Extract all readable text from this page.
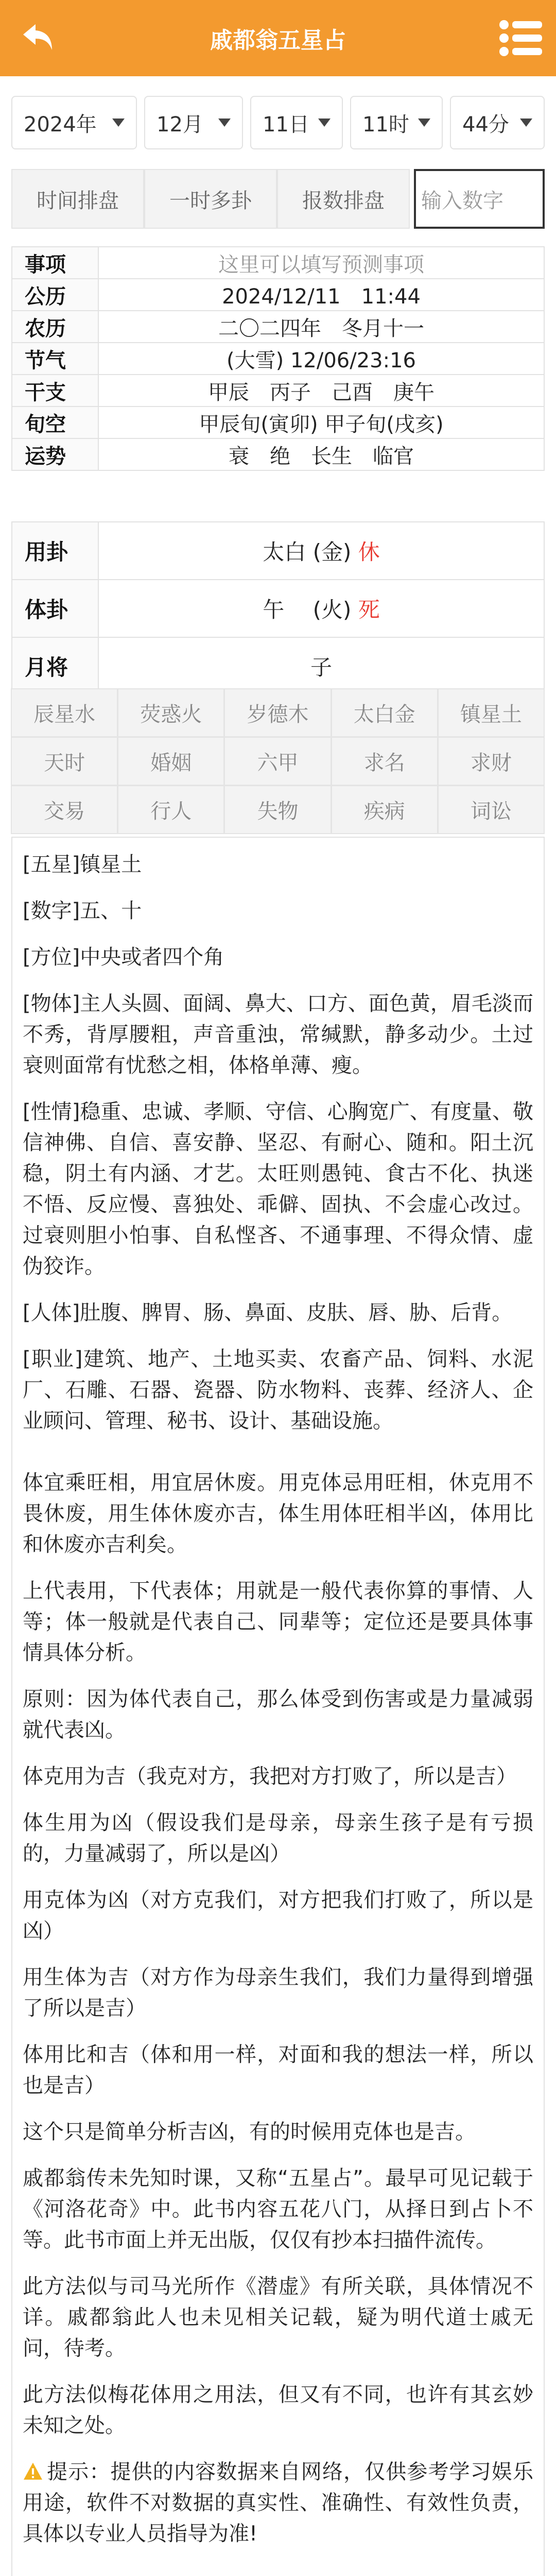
戚都翁五星占
2024年	12月	11日	11时	44分
时间排盘	一时多卦	报数排盘	输入数字
事项	这里可以填写预测事项
公历	2024/12/11　11:44
农历	二〇二四年　冬月十一
节气	(大雪) 12/06/23:16
干支	甲辰　丙子　己酉　庚午
旬空	甲辰旬(寅卯) 甲子旬(戌亥)
运势	衰　绝　长生　临官
用卦	太白 (金) 休
体卦	午　 (火) 死
月将	子
辰星水	荧惑火	岁德木	太白金	镇星土
天时	婚姻	六甲	求名	求财
交易	行人	失物	疾病	词讼

[五星]镇星土

[数字]五、十

[方位]中央或者四个角

[物体]主人头圆、面阔、鼻大、口方、面色黄，眉毛淡而不秀，背厚腰粗，声音重浊，常缄默，静多动少。土过衰则面常有忧愁之相，体格单薄、瘦。

[性情]稳重、忠诚、孝顺、守信、心胸宽广、有度量、敬信神佛、自信、喜安静、坚忍、有耐心、随和。阳土沉稳，阴土有内涵、才艺。太旺则愚钝、食古不化、执迷不悟、反应慢、喜独处、乖僻、固执、不会虚心改过。过衰则胆小怕事、自私悭吝、不通事理、不得众情、虚伪狡诈。

[人体]肚腹、脾胃、肠、鼻面、皮肤、唇、胁、后背。

[职业]建筑、地产、土地买卖、农畜产品、饲料、水泥厂、石雕、石器、瓷器、防水物料、丧葬、经济人、企业顾问、管理、秘书、设计、基础设施。

体宜乘旺相，用宜居休废。用克体忌用旺相，休克用不畏休废，用生体休废亦吉，体生用体旺相半凶，体用比和休废亦吉利矣。

上代表用，下代表体；用就是一般代表你算的事情、人等；体一般就是代表自己、同辈等；定位还是要具体事情具体分析。

原则：因为体代表自己，那么体受到伤害或是力量减弱就代表凶。

体克用为吉（我克对方，我把对方打败了，所以是吉）

体生用为凶（假设我们是母亲，母亲生孩子是有亏损的，力量减弱了，所以是凶）

用克体为凶（对方克我们，对方把我们打败了，所以是凶）

用生体为吉（对方作为母亲生我们，我们力量得到增强了所以是吉）

体用比和吉（体和用一样，对面和我的想法一样，所以也是吉）

这个只是简单分析吉凶，有的时候用克体也是吉。

戚都翁传未先知时课，又称“五星占”。最早可见记载于《河洛花奇》中。此书内容五花八门，从择日到占卜不等。此书市面上并无出版，仅仅有抄本扫描件流传。

此方法似与司马光所作《潜虚》有所关联，具体情况不详。戚都翁此人也未见相关记载，疑为明代道士戚无问，待考。

此方法似梅花体用之用法，但又有不同，也许有其玄妙未知之处。

提示：提供的内容数据来自网络，仅供参考学习娱乐用途，软件不对数据的真实性、准确性、有效性负责，具体以专业人员指导为准!
